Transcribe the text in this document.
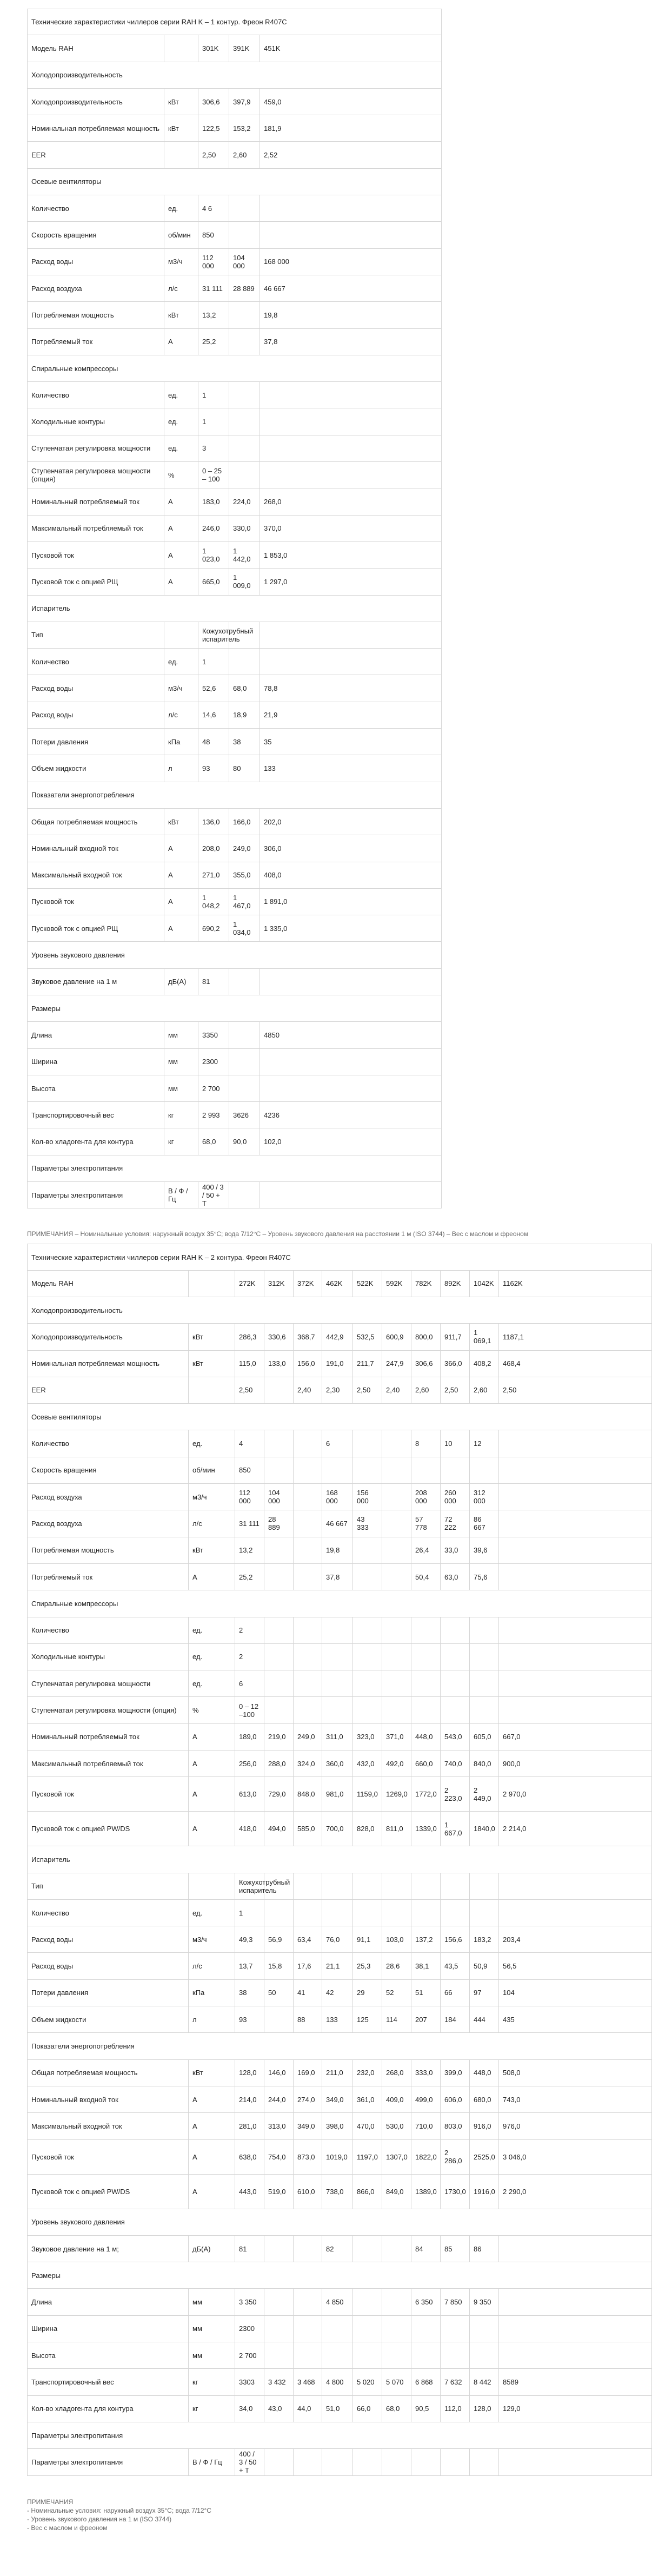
Технические характеристики чиллеров серии RAH K – 1 контур. Фреон R407C				
Модель RAH		301K	391K	451K
Холодопроизводительность				
Холодопроизводительность	кВт	306,6	397,9	459,0
Номинальная потребляемая мощность	кВт	122,5	153,2	181,9
EER		2,50	2,60	2,52
Осевые вентиляторы				
Количество	ед.	4 6		
Скорость вращения	об/мин	850		
Расход воды	м3/ч	112 000	104 000	168 000
Расход воздуха	л/с	31 111	28 889	46 667
Потребляемая мощность	кВт	13,2		19,8
Потребляемый ток	А	25,2		37,8
Спиральные компрессоры				
Количество	ед.	1		
Холодильные контуры	ед.	1		
Ступенчатая регулировка мощности	ед.	3		
Ступенчатая регулировка мощности (опция)	%	0 – 25 – 100		
Номинальный потребляемый ток	А	183,0	224,0	268,0
Максимальный потребляемый ток	А	246,0	330,0	370,0
Пусковой ток	А	1 023,0	1 442,0	1 853,0
Пусковой ток с опцией РЩ	А	665,0	1 009,0	1 297,0
Испаритель				
Тип		Кожухотрубный испаритель		
Количество	ед.	1		
Расход воды	м3/ч	52,6	68,0	78,8
Расход воды	л/с	14,6	18,9	21,9
Потери давления	кПа	48	38	35
Объем жидкости	л	93	80	133
Показатели энергопотребления				
Общая потребляемая мощность	кВт	136,0	166,0	202,0
Номинальный входной ток	А	208,0	249,0	306,0
Максимальный входной ток	А	271,0	355,0	408,0
Пусковой ток	А	1 048,2	1 467,0	1 891,0
Пусковой ток с опцией РЩ	А	690,2	1 034,0	1 335,0
Уровень звукового давления				
Звуковое давление на 1 м	дБ(А)	81		
Размеры				
Длина	мм	3350		4850
Ширина	мм	2300		
Высота	мм	2 700		
Транспортировочный вес	кг	2 993	3626	4236
Кол-во хладогента для контура	кг	68,0	90,0	102,0
Параметры электропитания				
Параметры электропитания	В / Ф / Гц	400 / 3 / 50 + T		
ПРИМЕЧАНИЯ – Номинальные условия: наружный воздух 35°С; вода 7/12°С – Уровень звукового давления на расстоянии 1 м (ISO 3744) – Вес с маслом и фреоном
Технические характеристики чиллеров серии RAH K – 2 контура. Фреон R407C											
Модель RAH		272K	312K	372K	462K	522K	592K	782K	892K	1042K	1162K
Холодопроизводительность											
Холодопроизводительность	кВт	286,3	330,6	368,7	442,9	532,5	600,9	800,0	911,7	1 069,1	1187,1
Номинальная потребляемая мощность	кВт	115,0	133,0	156,0	191,0	211,7	247,9	306,6	366,0	408,2	468,4
EER		2,50		2,40	2,30	2,50	2,40	2,60	2,50	2,60	2,50
Осевые вентиляторы											
Количество	ед.	4			6			8	10	12	
Скорость вращения	об/мин	850									
Расход воздуха	м3/ч	112 000	104 000		168 000	156 000		208 000	260 000	312 000	
Расход воздуха	л/с	31 111	28 889		46 667	43 333		57 778	72 222	86 667	
Потребляемая мощность	кВт	13,2			19,8			26,4	33,0	39,6	
Потребляемый ток	А	25,2			37,8			50,4	63,0	75,6	
Спиральные компрессоры											
Количество	ед.	2									
Холодильные контуры	ед.	2									
Ступенчатая регулировка мощности	ед.	6									
Ступенчатая регулировка мощности (опция)	%	0 – 12 –100									
Номинальный потребляемый ток	А	189,0	219,0	249,0	311,0	323,0	371,0	448,0	543,0	605,0	667,0
Максимальный потребляемый ток	А	256,0	288,0	324,0	360,0	432,0	492,0	660,0	740,0	840,0	900,0
Пусковой ток	А	613,0	729,0	848,0	981,0	1159,0	1269,0	1772,0	2 223,0	2 449,0	2 970,0
Пусковой ток с опцией PW/DS	А	418,0	494,0	585,0	700,0	828,0	811,0	1339,0	1 667,0	1840,0	2 214,0
Испаритель											
Тип		Кожухотрубный испаритель									
Количество	ед.	1									
Расход воды	м3/ч	49,3	56,9	63,4	76,0	91,1	103,0	137,2	156,6	183,2	203,4
Расход воды	л/с	13,7	15,8	17,6	21,1	25,3	28,6	38,1	43,5	50,9	56,5
Потери давления	кПа	38	50	41	42	29	52	51	66	97	104
Объем жидкости	л	93		88	133	125	114	207	184	444	435
Показатели энергопотребления											
Общая потребляемая мощность	кВт	128,0	146,0	169,0	211,0	232,0	268,0	333,0	399,0	448,0	508,0
Номинальный входной ток	А	214,0	244,0	274,0	349,0	361,0	409,0	499,0	606,0	680,0	743,0
Максимальный входной ток	А	281,0	313,0	349,0	398,0	470,0	530,0	710,0	803,0	916,0	976,0
Пусковой ток	А	638,0	754,0	873,0	1019,0	1197,0	1307,0	1822,0	2 286,0	2525,0	3 046,0
Пусковой ток с опцией PW/DS	А	443,0	519,0	610,0	738,0	866,0	849,0	1389,0	1730,0	1916,0	2 290,0
Уровень звукового давления											
Звуковое давление на 1 м;	дБ(А)	81			82			84	85	86	
Размеры											
Длина	мм	3 350			4 850			6 350	7 850	9 350	
Ширина	мм	2300									
Высота	мм	2 700									
Транспортировочный вес	кг	3303	3 432	3 468	4 800	5 020	5 070	6 868	7 632	8 442	8589
Кол-во хладогента для контура	кг	34,0	43,0	44,0	51,0	66,0	68,0	90,5	112,0	128,0	129,0
Параметры электропитания											
Параметры электропитания	В / Ф / Гц	400 / 3 / 50 + T									
ПРИМЕЧАНИЯ
- Номинальные условия: наружный воздух 35°С; вода 7/12°С
- Уровень звукового давления на 1 м (ISO 3744)
- Вес с маслом и фреоном
